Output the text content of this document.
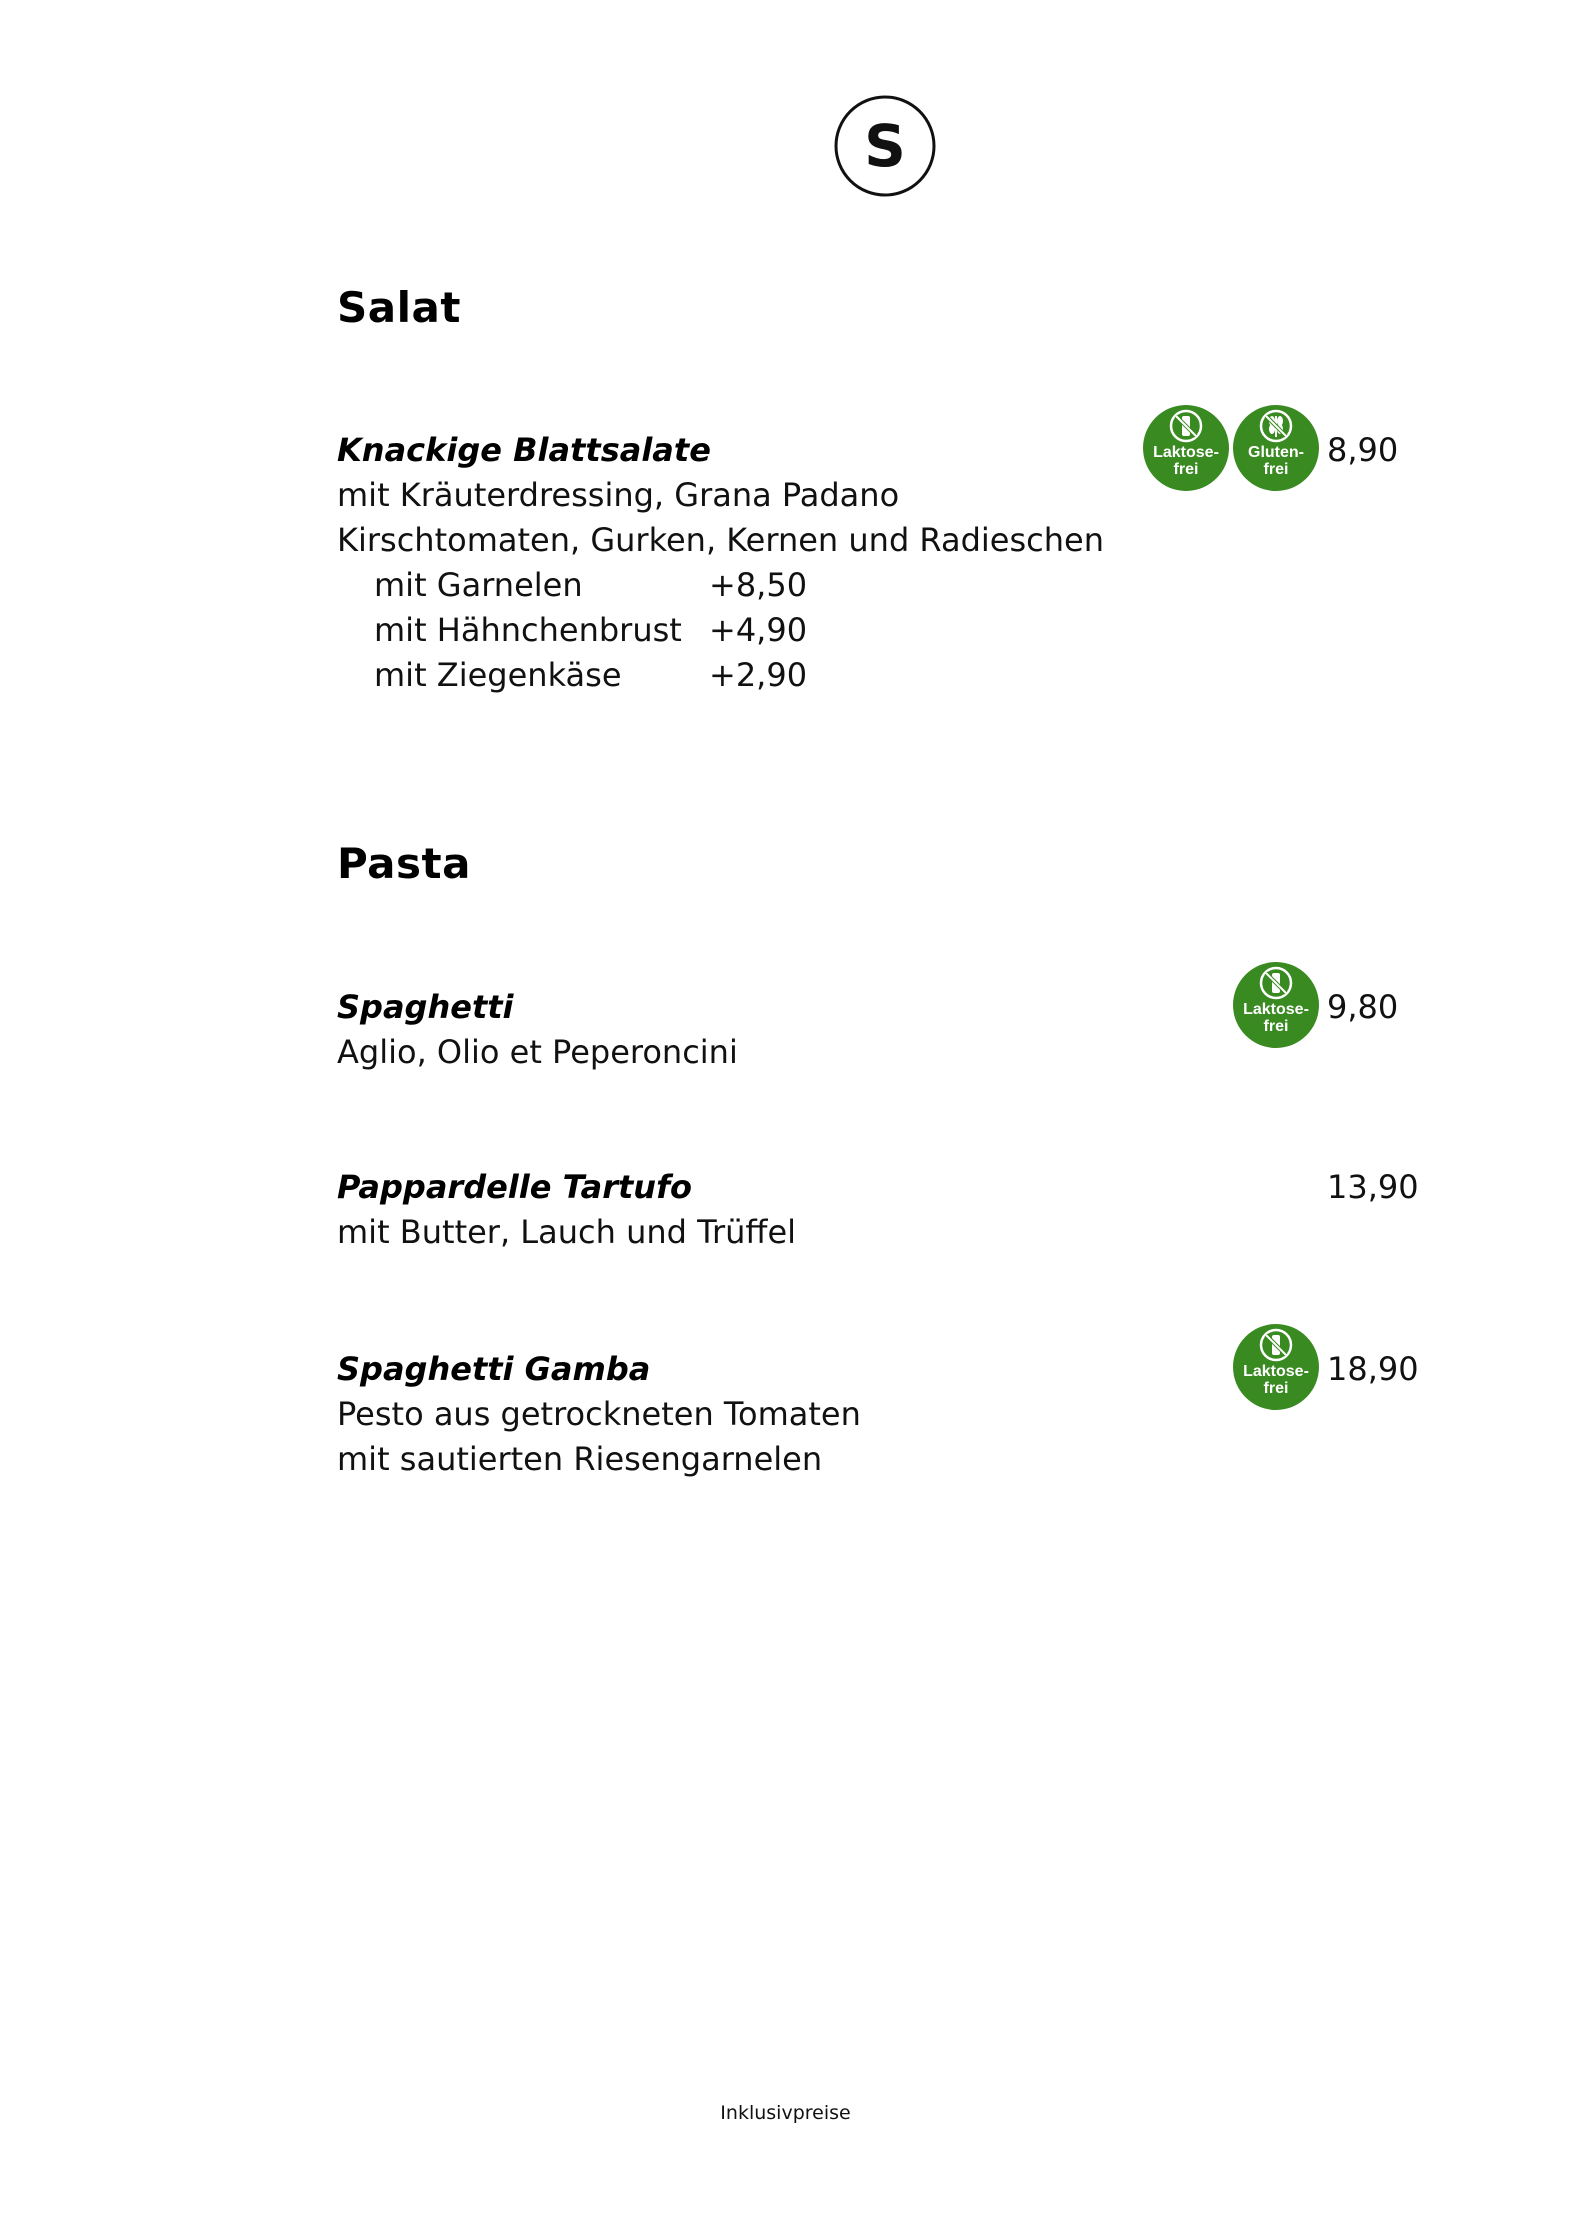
S
Salat
Knackige Blattsalate
mit Kräuterdressing, Grana Padano
Kirschtomaten, Gurken, Kernen und Radieschen
mit Garnelen	+8,50
mit Hähnchenbrust +4,90
mit Ziegenkäse	+2,90
Laktose-
frei
Gluten-
frei
8,90
Pasta
Spaghetti
Aglio, Olio et Peperoncini
Laktose-
frei
9,80
Pappardelle Tartufo
mit Butter, Lauch und Trüffel
13,90
Spaghetti Gamba
Pesto aus getrockneten Tomaten
mit sautierten Riesengarnelen
Laktose-
frei
18,90
Inklusivpreise
